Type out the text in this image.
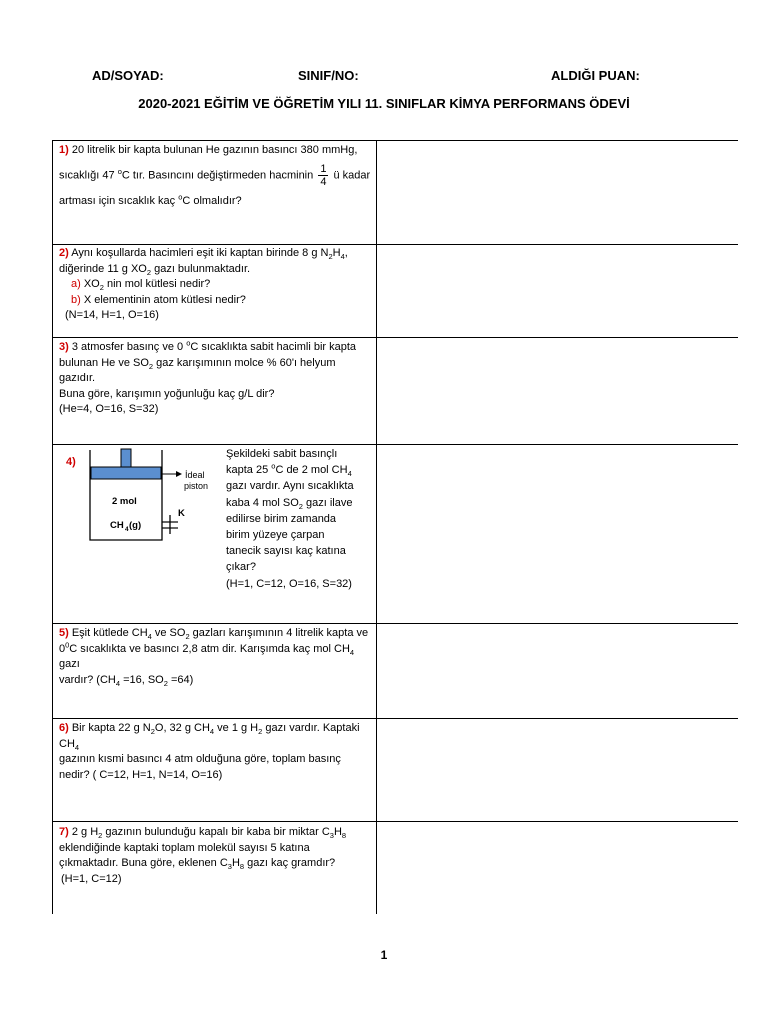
AD/SOYAD:	SINIF/NO:	ALDIĞI PUAN:
2020-2021 EĞİTİM VE ÖĞRETİM YILI 11. SINIFLAR KİMYA PERFORMANS ÖDEVİ
1) 20 litrelik bir kapta bulunan He gazının basıncı 380 mmHg,
sıcaklığı 47 $^o$C tır. Basıncını değiştirmeden hacminin $\frac{1}{4}$ ü kadar
artması için sıcaklık kaç $^o$C olmalıdır?
2) Aynı koşullarda hacimleri eşit iki kaptan birinde 8 g $N_2H_4$,
diğerinde 11 g $XO_2$ gazı bulunmaktadır.
a) $XO_2$ nin mol kütlesi nedir?
b) X elementinin atom kütlesi nedir?
(N=14, H=1, O=16)
3) 3 atmosfer basınç ve 0 $^o$C sıcaklıkta sabit hacimli bir kapta
bulunan He ve $SO_2$ gaz karışımının molce % 60'ı helyum gazıdır.
Buna göre, karışımın yoğunluğu kaç g/L dir?
(He=4, O=16, S=32)
4)
İdeal
piston
2 mol
CH 4 (g)
K
Şekildeki sabit basınçlı
kapta 25 $^o$C de 2 mol $CH_4$
gazı vardır. Aynı sıcaklıkta
kaba 4 mol $SO_2$ gazı ilave
edilirse birim zamanda
birim yüzeye çarpan
tanecik sayısı kaç katına
çıkar?
(H=1, C=12, O=16, S=32)
5) Eşit kütlede $CH_4$ ve $SO_2$ gazları karışımının 4 litrelik kapta ve
$0^0C$ sıcaklıkta ve basıncı 2,8 atm dir. Karışımda kaç mol $CH_4$ gazı
vardır? ($CH_4 =16$, $SO_2 =64$)
6) Bir kapta 22 g $N_2O$, 32 g $CH_4$ ve 1 g $H_2$ gazı vardır. Kaptaki $CH_4$
gazının kısmi basıncı 4 atm olduğuna göre, toplam basınç
nedir? ( C=12, H=1, N=14, O=16)
7) 2 g $H_2$ gazının bulunduğu kapalı bir kaba bir miktar $C_3H_8$
eklendiğinde kaptaki toplam molekül sayısı 5 katına
çıkmaktadır. Buna göre, eklenen $C_3H_8$ gazı kaç gramdır?
(H=1, C=12)
1
